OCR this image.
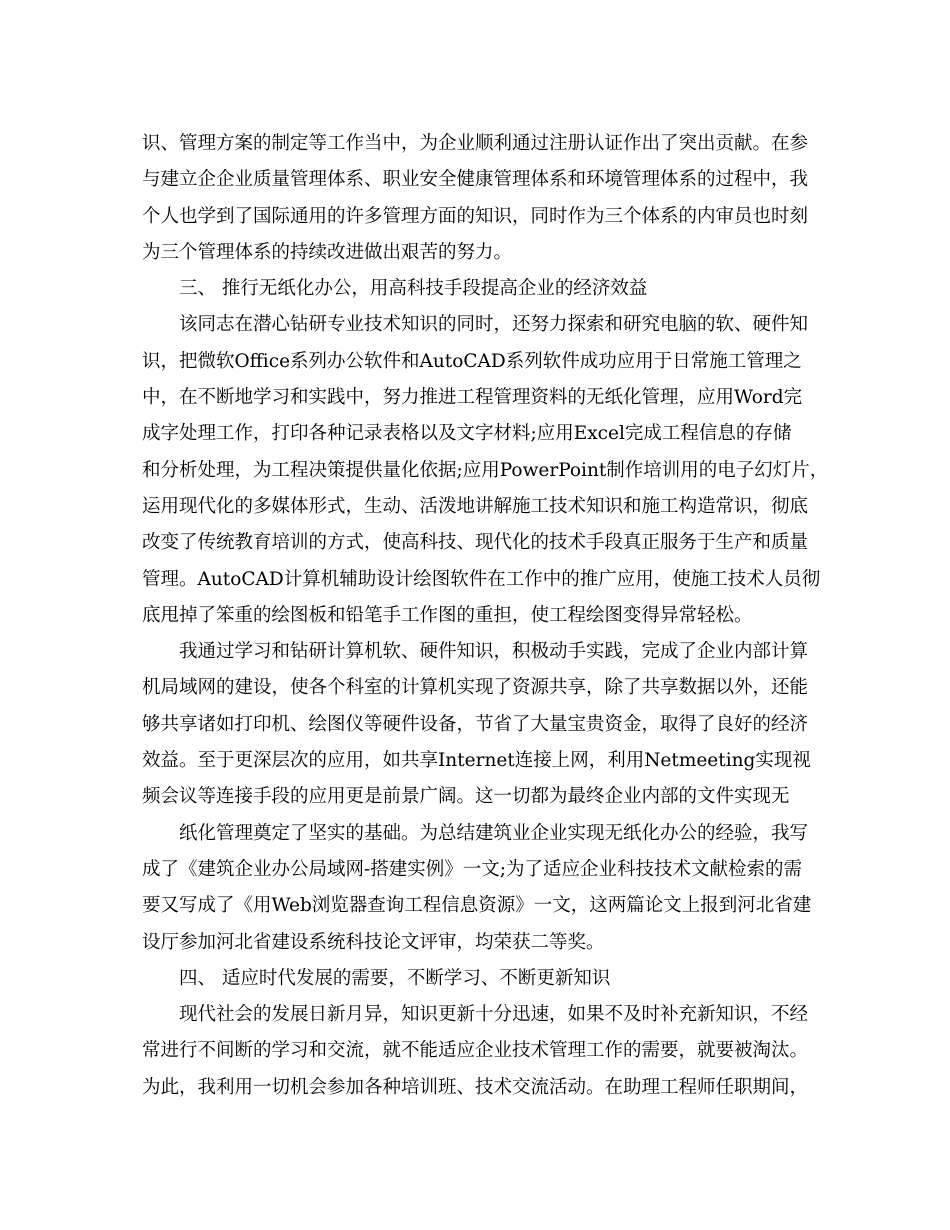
识、管理方案的制定等工作当中，为企业顺利通过注册认证作出了突出贡献。在参
与建立企企业质量管理体系、职业安全健康管理体系和环境管理体系的过程中，我
个人也学到了国际通用的许多管理方面的知识，同时作为三个体系的内审员也时刻
为三个管理体系的持续改进做出艰苦的努力。
三、 推行无纸化办公，用高科技手段提高企业的经济效益
该同志在潜心钻研专业技术知识的同时，还努力探索和研究电脑的软、硬件知
识，把微软Office系列办公软件和AutoCAD系列软件成功应用于日常施工管理之
中，在不断地学习和实践中，努力推进工程管理资料的无纸化管理，应用Word完
成字处理工作，打印各种记录表格以及文字材料;应用Excel完成工程信息的存储
和分析处理，为工程决策提供量化依据;应用PowerPoint制作培训用的电子幻灯片，
运用现代化的多媒体形式，生动、活泼地讲解施工技术知识和施工构造常识，彻底
改变了传统教育培训的方式，使高科技、现代化的技术手段真正服务于生产和质量
管理。AutoCAD计算机辅助设计绘图软件在工作中的推广应用，使施工技术人员彻
底甩掉了笨重的绘图板和铅笔手工作图的重担，使工程绘图变得异常轻松。
我通过学习和钻研计算机软、硬件知识，积极动手实践，完成了企业内部计算
机局域网的建设，使各个科室的计算机实现了资源共享，除了共享数据以外，还能
够共享诸如打印机、绘图仪等硬件设备，节省了大量宝贵资金，取得了良好的经济
效益。至于更深层次的应用，如共享Internet连接上网，利用Netmeeting实现视
频会议等连接手段的应用更是前景广阔。这一切都为最终企业内部的文件实现无
纸化管理奠定了坚实的基础。为总结建筑业企业实现无纸化办公的经验，我写
成了《建筑企业办公局域网-搭建实例》一文;为了适应企业科技技术文献检索的需
要又写成了《用Web浏览器查询工程信息资源》一文，这两篇论文上报到河北省建
设厅参加河北省建设系统科技论文评审，均荣获二等奖。
四、 适应时代发展的需要，不断学习、不断更新知识
现代社会的发展日新月异，知识更新十分迅速，如果不及时补充新知识，不经
常进行不间断的学习和交流，就不能适应企业技术管理工作的需要，就要被淘汰。
为此，我利用一切机会参加各种培训班、技术交流活动。在助理工程师任职期间，
